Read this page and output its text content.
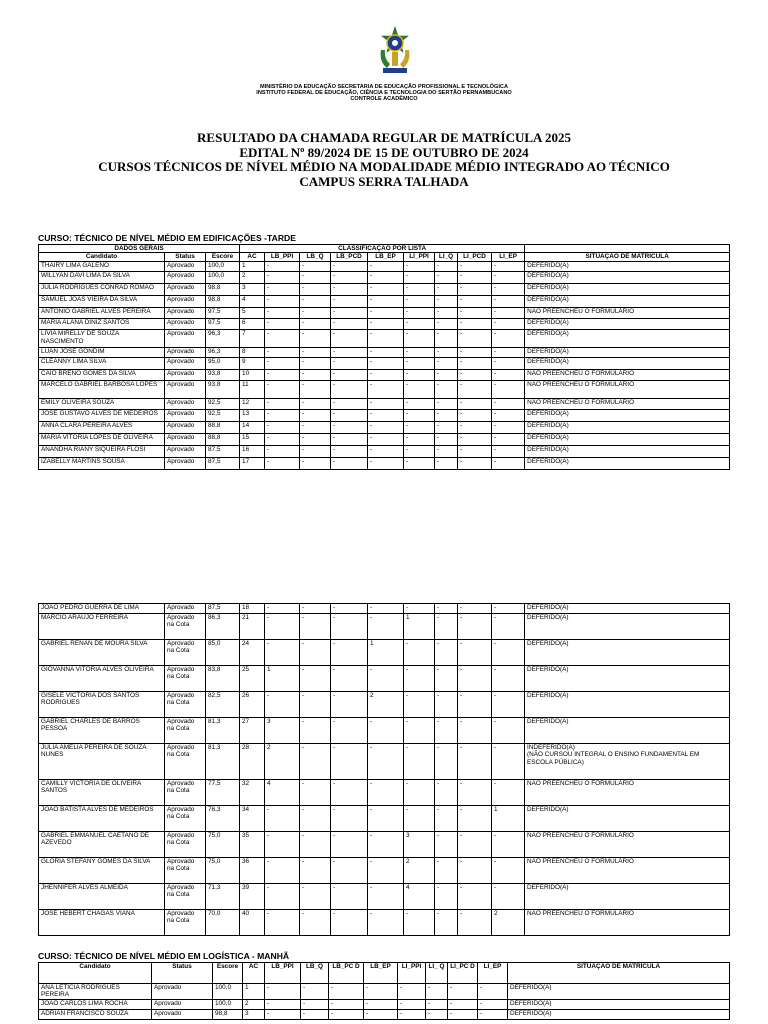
MINISTÉRIO DA EDUCAÇÃO SECRETARIA DE EDUCAÇÃO PROFISSIONAL E TECNOLÓGICA
INSTITUTO FEDERAL DE EDUCAÇÃO, CIÊNCIA E TECNOLOGIA DO SERTÃO PERNAMBUCANO
CONTROLE ACADÊMICO
RESULTADO DA CHAMADA REGULAR DE MATRÍCULA 2025
EDITAL Nº 89/2024 DE 15 DE OUTUBRO DE 2024
CURSOS TÉCNICOS DE NÍVEL MÉDIO NA MODALIDADE MÉDIO INTEGRADO AO TÉCNICO
CAMPUS SERRA TALHADA
CURSO: TÉCNICO DE NÍVEL MÉDIO EM EDIFICAÇÕES -TARDE
DADOS GERAIS			CLASSIFICAÇÃO POR LISTA									
Candidato	Status	Escore	AC	LB_PPI	LB_Q	LB_PCD	LB_EP	LI_PPI	LI_Q	LI_PCD	LI_EP	SITUAÇÃO DE MATRÍCULA
THAIRY LIMA GALENO	Aprovado	100,0	1	-	-	-	-	-	-	-	-	DEFERIDO(A)
WILLYAN DAVI LIMA DA SILVA	Aprovado	100,0	2	-	-	-	-	-	-	-	-	DEFERIDO(A)
JULIA RODRIGUES CONRAD ROMÃO	Aprovado	98,8	3	-	-	-	-	-	-	-	-	DEFERIDO(A)
SAMUEL JOAS VIEIRA DA SILVA	Aprovado	98,8	4	-	-	-	-	-	-	-	-	DEFERIDO(A)
ANTONIO GABRIEL ALVES PEREIRA	Aprovado	97,5	5	-	-	-	-	-	-	-	-	NÃO PREENCHEU O FORMULÁRIO
MARIA ALANA DINIZ SANTOS	Aprovado	97,5	6	-	-	-	-	-	-	-	-	DEFERIDO(A)
LIVIA MIRELLY DE SOUZA NASCIMENTO	Aprovado	96,3	7	-	-	-	-	-	-	-	-	DEFERIDO(A)
LUAN JOSÉ GONDIM	Aprovado	96,3	8	-	-	-	-	-	-	-	-	DEFERIDO(A)
CLEANNY LIMA SILVA	Aprovado	95,0	9	-	-	-	-	-	-	-	-	DEFERIDO(A)
CAIO BRENO GOMES DA SILVA	Aprovado	93,8	10	-	-	-	-	-	-	-	-	NÃO PREENCHEU O FORMULÁRIO
MARCELO GABRIEL BARBOSA LOPES	Aprovado	93,8	11	-	-	-	-	-	-	-	-	NÃO PREENCHEU O FORMULÁRIO
EMILY OLIVEIRA SOUZA	Aprovado	92,5	12	-	-	-	-	-	-	-	-	NÃO PREENCHEU O FORMULÁRIO
JOSÉ GUSTAVO ALVES DE MEDEIROS	Aprovado	92,5	13	-	-	-	-	-	-	-	-	DEFERIDO(A)
ANNA CLARA PEREIRA ALVES	Aprovado	88,8	14	-	-	-	-	-	-	-	-	DEFERIDO(A)
MARIA VITÓRIA LOPES DE OLIVEIRA	Aprovado	88,8	15	-	-	-	-	-	-	-	-	DEFERIDO(A)
ANANDHA RIANY SIQUEIRA FLOSI	Aprovado	87,5	16	-	-	-	-	-	-	-	-	DEFERIDO(A)
IZABELLY MARTINS SOUSA	Aprovado	87,5	17	-	-	-	-	-	-	-	-	DEFERIDO(A)
JOÃO PEDRO GUERRA DE LIMA	Aprovado	87,5	18	-	-	-	-	-	-	-	-	DEFERIDO(A)
MARCIO ARAÚJO FERREIRA	Aprovado na Cota	86,3	21	-	-	-	-	1	-	-	-	DEFERIDO(A)
GABRIEL RENAN DE MOURA SILVA	Aprovado na Cota	85,0	24	-	-	-	1	-	-	-	-	DEFERIDO(A)
GIOVANNA VITÓRIA ALVES OLIVEIRA	Aprovado na Cota	83,8	25	1	-	-	-	-	-	-	-	DEFERIDO(A)
GISELE VICTÓRIA DOS SANTOS RODRIGUES	Aprovado na Cota	82,5	26	-	-	-	2	-	-	-	-	DEFERIDO(A)
GABRIEL CHARLES DE BARROS PESSOA	Aprovado na Cota	81,3	27	3	-	-	-	-	-	-	-	DEFERIDO(A)
JULIA AMÉLIA PEREIRA DE SOUZA NUNES	Aprovado na Cota	81,3	28	2	-	-	-	-	-	-	-	INDEFERIDO(A)
(NÃO CURSOU INTEGRAL O ENSINO FUNDAMENTAL EM ESCOLA PÚBLICA)
CAMILLY VICTÓRIA DE OLIVEIRA SANTOS	Aprovado na Cota	77,5	32	4	-	-	-	-	-	-	-	NÃO PREENCHEU O FORMULÁRIO
JOÃO BATISTA ALVES DE MEDEIROS	Aprovado na Cota	76,3	34	-	-	-	-	-	-	-	1	DEFERIDO(A)
GABRIEL EMMANUEL CAETANO DE AZEVEDO	Aprovado na Cota	75,0	35	-	-	-	-	3	-	-	-	NÃO PREENCHEU O FORMULÁRIO
GLORIA STEFANY GOMES DA SILVA	Aprovado na Cota	75,0	36	-	-	-	-	2	-	-	-	NÃO PREENCHEU O FORMULÁRIO
JHENNIFER ALVES ALMEIDA	Aprovado na Cota	71,3	39	-	-	-	-	4	-	-	-	DEFERIDO(A)
JOSÉ HEBERT CHAGAS VIANA	Aprovado na Cota	70,0	40	-	-	-	-	-	-	-	2	NÃO PREENCHEU O FORMULÁRIO
CURSO: TÉCNICO DE NÍVEL MÉDIO EM LOGÍSTICA - MANHÃ
Candidato	Status	Escore	AC	LB_PPI	LB_Q	LB_PC D	LB_EP	LI_PPI	LI_ Q	LI_PC D	LI_EP	SITUAÇÃO DE MATRÍCULA
ANA LETÍCIA RODRIGUES PEREIRA	Aprovado	100,0	1	-	-	-	-	-	-	-	-	DEFERIDO(A)
JOÃO CARLOS LIMA ROCHA	Aprovado	100,0	2	-	-	-	-	-	-	-	-	DEFERIDO(A)
ADRIAN FRANCISCO SOUZA	Aprovado	98,8	3	-	-	-	-	-	-	-	-	DEFERIDO(A)
